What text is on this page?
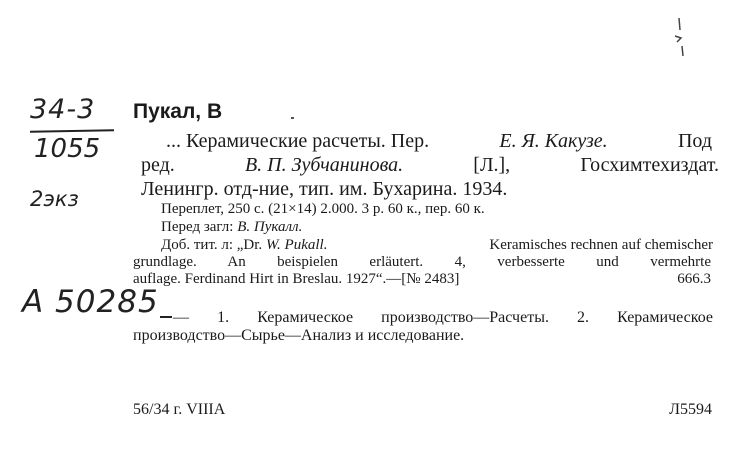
34-3
1055
2экз
А 50285
Пукал, В
... Керамические расчеты. Пер.	Е. Я. Какузе.	Под
ред.	В. П. Зубчанинова.	[Л.],	Госхимтехиздат.
Ленингр. отд-ние, тип. им. Бухарина. 1934.
Переплет, 250 с. (21×14) 2.000. 3 р. 60 к., пер. 60 к.
Перед загл: В. Пукалл.
Доб. тит. л: „Dr. W. Pukall.	Keramisches rechnen auf chemischer
grundlage. An beispielen erläutert. 4, verbesserte und vermehrte
auflage. Ferdinand Hirt in Breslau. 1927“.—[№ 2483]	666.3
— 1. Керамическое производство—Расчеты. 2. Керамическое
производство—Сырье—Анализ и исследование.
56/34 г. VIIIA	Л5594
